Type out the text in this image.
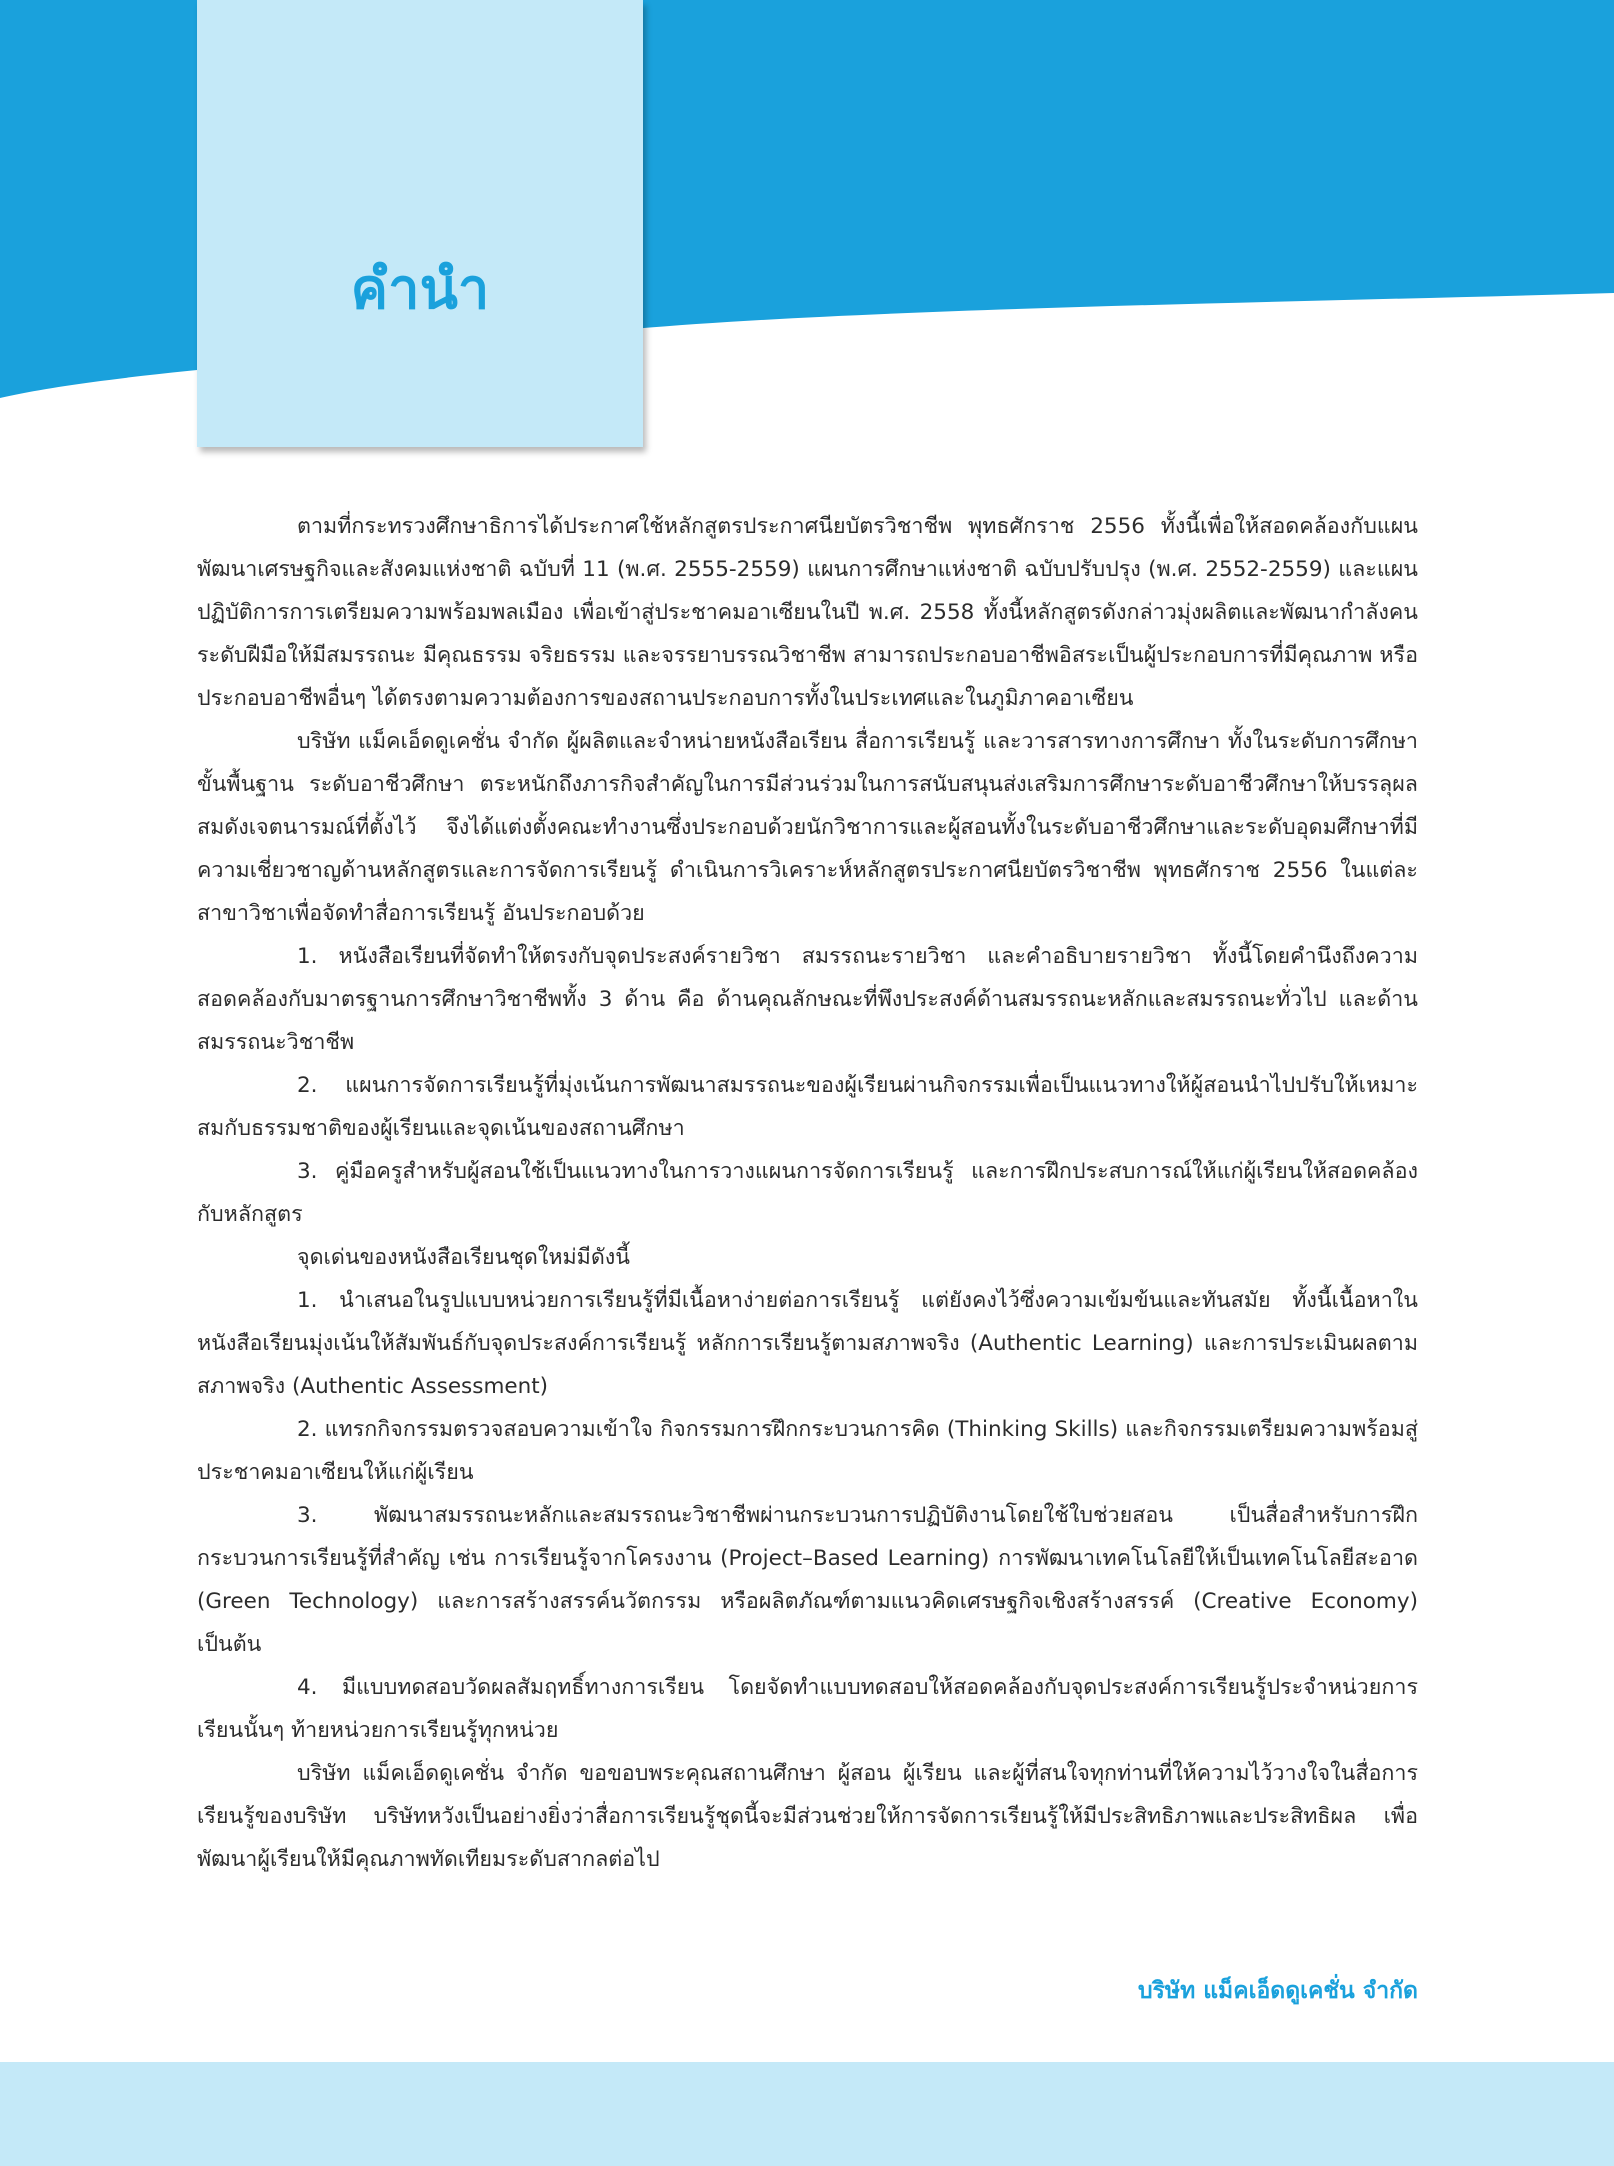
คำนำ

ตามที่กระทรวงศึกษาธิการได้ประกาศใช้หลักสูตรประกาศนียบัตรวิชาชีพ พุทธศักราช 2556 ทั้งนี้เพื่อให้สอดคล้องกับแผนพัฒนาเศรษฐกิจและสังคมแห่งชาติ ฉบับที่ 11 (พ.ศ. 2555-2559) แผนการศึกษาแห่งชาติ ฉบับปรับปรุง (พ.ศ. 2552-2559) และแผนปฏิบัติการการเตรียมความพร้อมพลเมือง เพื่อเข้าสู่ประชาคมอาเซียนในปี พ.ศ. 2558 ทั้งนี้หลักสูตรดังกล่าวมุ่งผลิตและพัฒนากำลังคนระดับฝีมือให้มีสมรรถนะ มีคุณธรรม จริยธรรม และจรรยาบรรณวิชาชีพ สามารถประกอบอาชีพอิสระเป็นผู้ประกอบการที่มีคุณภาพ หรือประกอบอาชีพอื่นๆ ได้ตรงตามความต้องการของสถานประกอบการทั้งในประเทศและในภูมิภาคอาเซียน

บริษัท แม็คเอ็ดดูเคชั่น จำกัด ผู้ผลิตและจำหน่ายหนังสือเรียน สื่อการเรียนรู้ และวารสารทางการศึกษา ทั้งในระดับการศึกษาขั้นพื้นฐาน ระดับอาชีวศึกษา ตระหนักถึงภารกิจสำคัญในการมีส่วนร่วมในการสนับสนุนส่งเสริมการศึกษาระดับอาชีวศึกษาให้บรรลุผลสมดังเจตนารมณ์ที่ตั้งไว้ จึงได้แต่งตั้งคณะทำงานซึ่งประกอบด้วยนักวิชาการและผู้สอนทั้งในระดับอาชีวศึกษาและระดับอุดมศึกษาที่มีความเชี่ยวชาญด้านหลักสูตรและการจัดการเรียนรู้ ดำเนินการวิเคราะห์หลักสูตรประกาศนียบัตรวิชาชีพ พุทธศักราช 2556 ในแต่ละสาขาวิชาเพื่อจัดทำสื่อการเรียนรู้ อันประกอบด้วย

1. หนังสือเรียนที่จัดทำให้ตรงกับจุดประสงค์รายวิชา สมรรถนะรายวิชา และคำอธิบายรายวิชา ทั้งนี้โดยคำนึงถึงความสอดคล้องกับมาตรฐานการศึกษาวิชาชีพทั้ง 3 ด้าน คือ ด้านคุณลักษณะที่พึงประสงค์ด้านสมรรถนะหลักและสมรรถนะทั่วไป และด้านสมรรถนะวิชาชีพ

2. แผนการจัดการเรียนรู้ที่มุ่งเน้นการพัฒนาสมรรถนะของผู้เรียนผ่านกิจกรรมเพื่อเป็นแนวทางให้ผู้สอนนำไปปรับให้เหมาะสมกับธรรมชาติของผู้เรียนและจุดเน้นของสถานศึกษา

3. คู่มือครูสำหรับผู้สอนใช้เป็นแนวทางในการวางแผนการจัดการเรียนรู้ และการฝึกประสบการณ์ให้แก่ผู้เรียนให้สอดคล้องกับหลักสูตร

จุดเด่นของหนังสือเรียนชุดใหม่มีดังนี้

1. นำเสนอในรูปแบบหน่วยการเรียนรู้ที่มีเนื้อหาง่ายต่อการเรียนรู้ แต่ยังคงไว้ซึ่งความเข้มข้นและทันสมัย ทั้งนี้เนื้อหาในหนังสือเรียนมุ่งเน้นให้สัมพันธ์กับจุดประสงค์การเรียนรู้ หลักการเรียนรู้ตามสภาพจริง (Authentic Learning) และการประเมินผลตามสภาพจริง (Authentic Assessment)

2. แทรกกิจกรรมตรวจสอบความเข้าใจ กิจกรรมการฝึกกระบวนการคิด (Thinking Skills) และกิจกรรมเตรียมความพร้อมสู่ประชาคมอาเซียนให้แก่ผู้เรียน

3. พัฒนาสมรรถนะหลักและสมรรถนะวิชาชีพผ่านกระบวนการปฏิบัติงานโดยใช้ใบช่วยสอน เป็นสื่อสำหรับการฝึกกระบวนการเรียนรู้ที่สำคัญ เช่น การเรียนรู้จากโครงงาน (Project–Based Learning) การพัฒนาเทคโนโลยีให้เป็นเทคโนโลยีสะอาด (Green Technology) และการสร้างสรรค์นวัตกรรม หรือผลิตภัณฑ์ตามแนวคิดเศรษฐกิจเชิงสร้างสรรค์ (Creative Economy) เป็นต้น

4. มีแบบทดสอบวัดผลสัมฤทธิ์ทางการเรียน โดยจัดทำแบบทดสอบให้สอดคล้องกับจุดประสงค์การเรียนรู้ประจำหน่วยการเรียนนั้นๆ ท้ายหน่วยการเรียนรู้ทุกหน่วย

บริษัท แม็คเอ็ดดูเคชั่น จำกัด ขอขอบพระคุณสถานศึกษา ผู้สอน ผู้เรียน และผู้ที่สนใจทุกท่านที่ให้ความไว้วางใจในสื่อการเรียนรู้ของบริษัท บริษัทหวังเป็นอย่างยิ่งว่าสื่อการเรียนรู้ชุดนี้จะมีส่วนช่วยให้การจัดการเรียนรู้ให้มีประสิทธิภาพและประสิทธิผล เพื่อพัฒนาผู้เรียนให้มีคุณภาพทัดเทียมระดับสากลต่อไป

บริษัท แม็คเอ็ดดูเคชั่น จำกัด
